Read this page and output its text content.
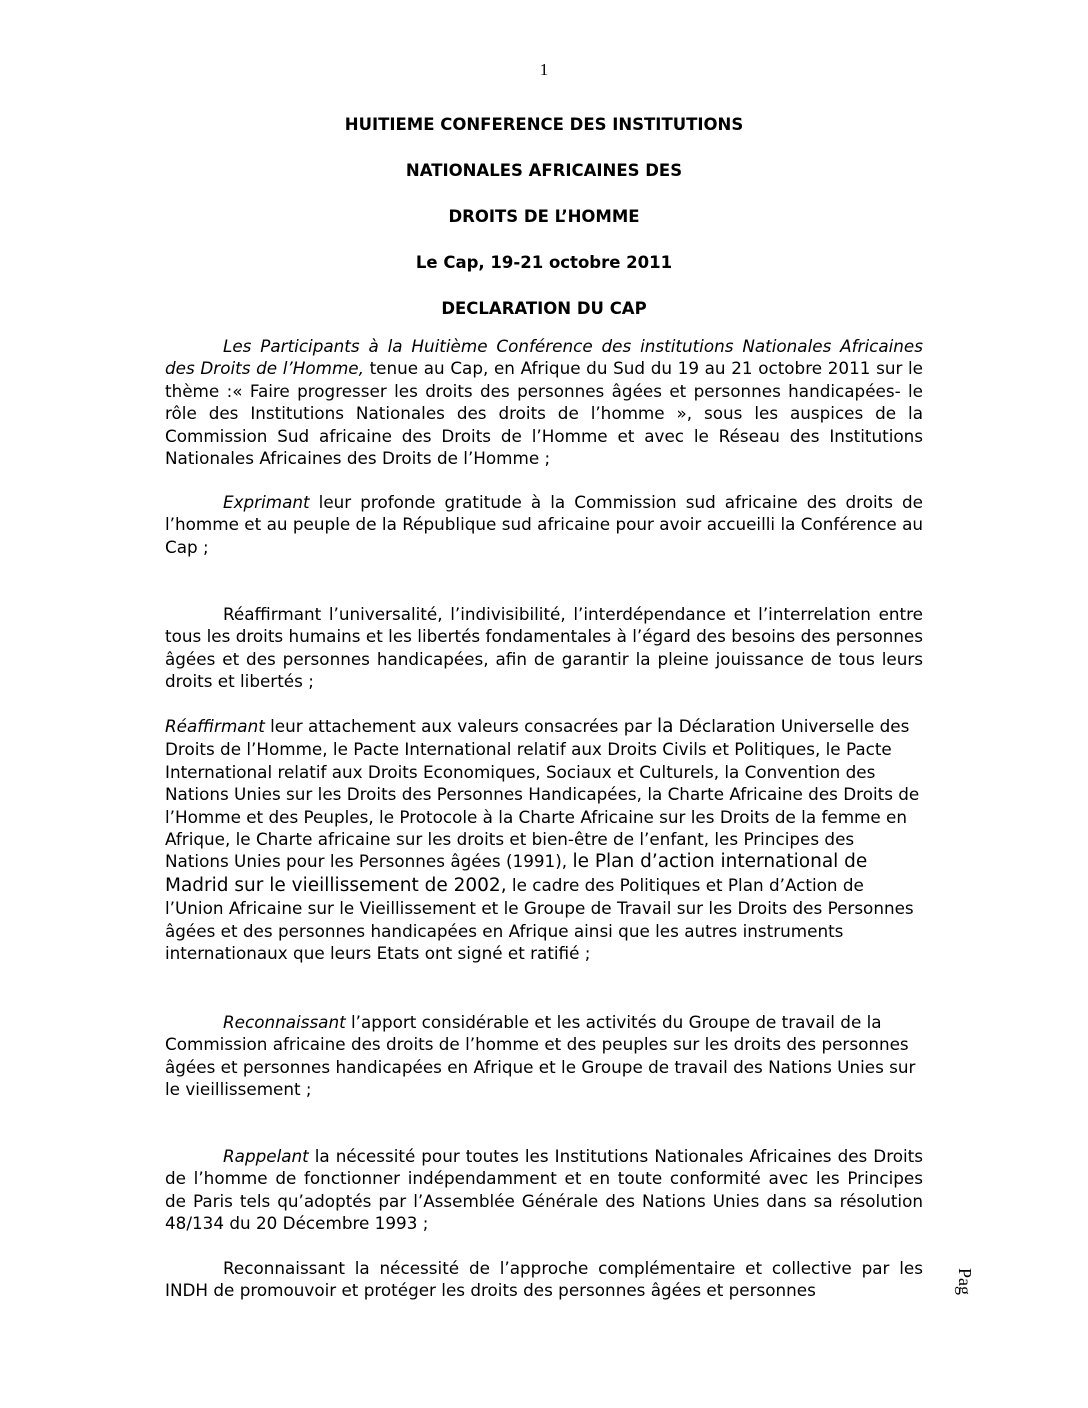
1
HUITIEME CONFERENCE DES INSTITUTIONS
NATIONALES AFRICAINES DES
DROITS DE L’HOMME
Le Cap, 19-21 octobre 2011
DECLARATION DU CAP
Les Participants à la Huitième Conférence des institutions Nationales Africaines des Droits de l’Homme, tenue au Cap, en Afrique du Sud du 19 au 21 octobre 2011 sur le thème :« Faire progresser les droits des personnes âgées et personnes handicapées- le rôle des Institutions Nationales des droits de l’homme », sous les auspices de la Commission Sud africaine des Droits de l’Homme et avec le Réseau des Institutions Nationales Africaines des Droits de l’Homme ;
Exprimant leur profonde gratitude à la Commission sud africaine des droits de l’homme et au peuple de la République sud africaine pour avoir accueilli la Conférence au Cap ;
Réaffirmant l’universalité, l’indivisibilité, l’interdépendance et l’interrelation entre tous les droits humains et les libertés fondamentales à l’égard des besoins des personnes âgées et des personnes handicapées, afin de garantir la pleine jouissance de tous leurs droits et libertés ;
Réaffirmant leur attachement aux valeurs consacrées par la Déclaration Universelle des Droits de l’Homme, le Pacte International relatif aux Droits Civils et Politiques, le Pacte International relatif aux Droits Economiques, Sociaux et Culturels, la Convention des Nations Unies sur les Droits des Personnes Handicapées, la Charte Africaine des Droits de l’Homme et des Peuples, le Protocole à la Charte Africaine sur les Droits de la femme en Afrique, le Charte africaine sur les droits et bien-être de l’enfant, les Principes des Nations Unies pour les Personnes âgées (1991), le Plan d’action international de Madrid sur le vieillissement de 2002, le cadre des Politiques et Plan d’Action de l’Union Africaine sur le Vieillissement et le Groupe de Travail sur les Droits des Personnes âgées et des personnes handicapées en Afrique ainsi que les autres instruments internationaux que leurs Etats ont signé et ratifié ;
Reconnaissant l’apport considérable et les activités du Groupe de travail de la Commission africaine des droits de l’homme et des peuples sur les droits des personnes âgées et personnes handicapées en Afrique et le Groupe de travail des Nations Unies sur le vieillissement ;
Rappelant la nécessité pour toutes les Institutions Nationales Africaines des Droits de l’homme de fonctionner indépendamment et en toute conformité avec les Principes de Paris tels qu’adoptés par l’Assemblée Générale des Nations Unies dans sa résolution 48/134 du 20 Décembre 1993 ;
Reconnaissant la nécessité de l’approche complémentaire et collective par les INDH de promouvoir et protéger les droits des personnes âgées et personnes	Pag
